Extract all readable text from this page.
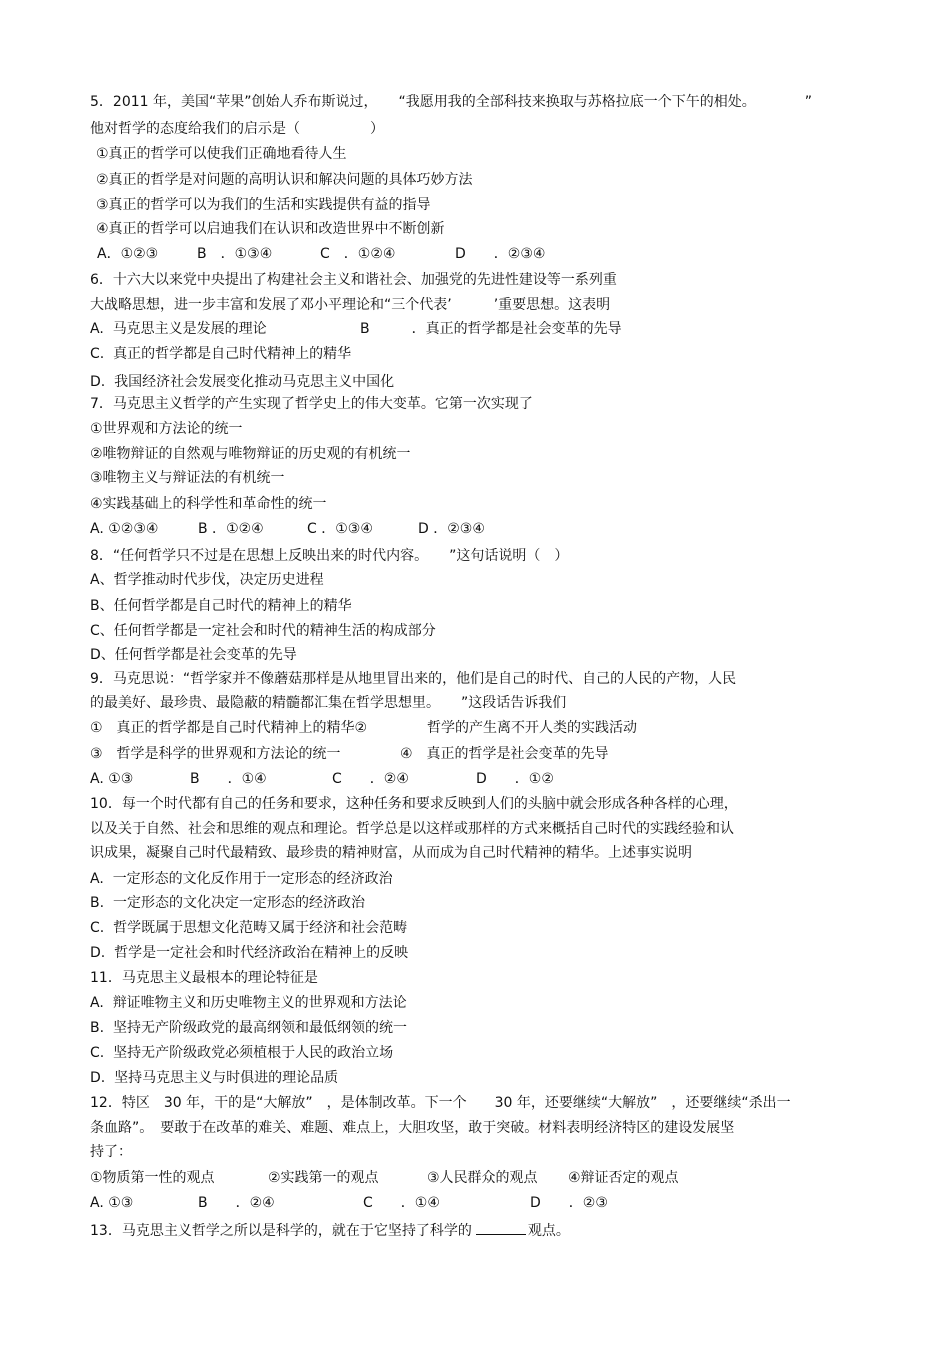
5．2011 年，美国“苹果”创始人乔布斯说过，　　“我愿用我的全部科技来换取与苏格拉底一个下午的相处。　　　　”
他对哲学的态度给我们的启示是（　　　　　）
①真正的哲学可以使我们正确地看待人生
②真正的哲学是对问题的高明认识和解决问题的具体巧妙方法
③真正的哲学可以为我们的生活和实践提供有益的指导
④真正的哲学可以启迪我们在认识和改造世界中不断创新
A．①②③	B　．①③④	C　．①②④	D　　．②③④
6．十六大以来党中央提出了构建社会主义和谐社会、加强党的先进性建设等一系列重
大战略思想，进一步丰富和发展了邓小平理论和“三个代表’　　　’重要思想。这表明
A. 马克思主义是发展的理论	B　　　．真正的哲学都是社会变革的先导
C. 真正的哲学都是自己时代精神上的精华
D. 我国经济社会发展变化推动马克思主义中国化
7．马克思主义哲学的产生实现了哲学史上的伟大变革。它第一次实现了
①世界观和方法论的统一
②唯物辩证的自然观与唯物辩证的历史观的有机统一
③唯物主义与辩证法的有机统一
④实践基础上的科学性和革命性的统一
A. ①②③④	B ．①②④	C ．①③④	D ．②③④
8．“任何哲学只不过是在思想上反映出来的时代内容。　　”这句话说明（　）
A、哲学推动时代步伐，决定历史进程
B、任何哲学都是自己时代的精神上的精华
C、任何哲学都是一定社会和时代的精神生活的构成部分
D、任何哲学都是社会变革的先导
9．马克思说：“哲学家并不像蘑菇那样是从地里冒出来的，他们是自己的时代、自己的人民的产物，人民
的最美好、最珍贵、最隐蔽的精髓都汇集在哲学思想里。　　”这段话告诉我们
①　真正的哲学都是自己时代精神上的精华②	哲学的产生离不开人类的实践活动
③　哲学是科学的世界观和方法论的统一	④　真正的哲学是社会变革的先导
A. ①③	B　　．①④	C　　．②④	D　　．①②
10．每一个时代都有自己的任务和要求，这种任务和要求反映到人们的头脑中就会形成各种各样的心理，
以及关于自然、社会和思维的观点和理论。哲学总是以这样或那样的方式来概括自己时代的实践经验和认
识成果，凝聚自己时代最精致、最珍贵的精神财富，从而成为自己时代精神的精华。上述事实说明
A. 一定形态的文化反作用于一定形态的经济政治
B. 一定形态的文化决定一定形态的经济政治
C. 哲学既属于思想文化范畴又属于经济和社会范畴
D. 哲学是一定社会和时代经济政治在精神上的反映
11．马克思主义最根本的理论特征是
A. 辩证唯物主义和历史唯物主义的世界观和方法论
B. 坚持无产阶级政党的最高纲领和最低纲领的统一
C. 坚持无产阶级政党必须植根于人民的政治立场
D. 坚持马克思主义与时俱进的理论品质
12．特区　30 年，干的是“大解放”　，是体制改革。下一个　　30 年，还要继续“大解放”　，还要继续“杀出一
条血路”。　要敢于在改革的难关、难题、难点上，大胆攻坚，敢于突破。材料表明经济特区的建设发展坚
持了：
①物质第一性的观点	②实践第一的观点	③人民群众的观点 ④辩证否定的观点
A. ①③	B　　．②④	C　　．①④	D　　．②③
13．马克思主义哲学之所以是科学的，就在于它坚持了科学的	观点。
